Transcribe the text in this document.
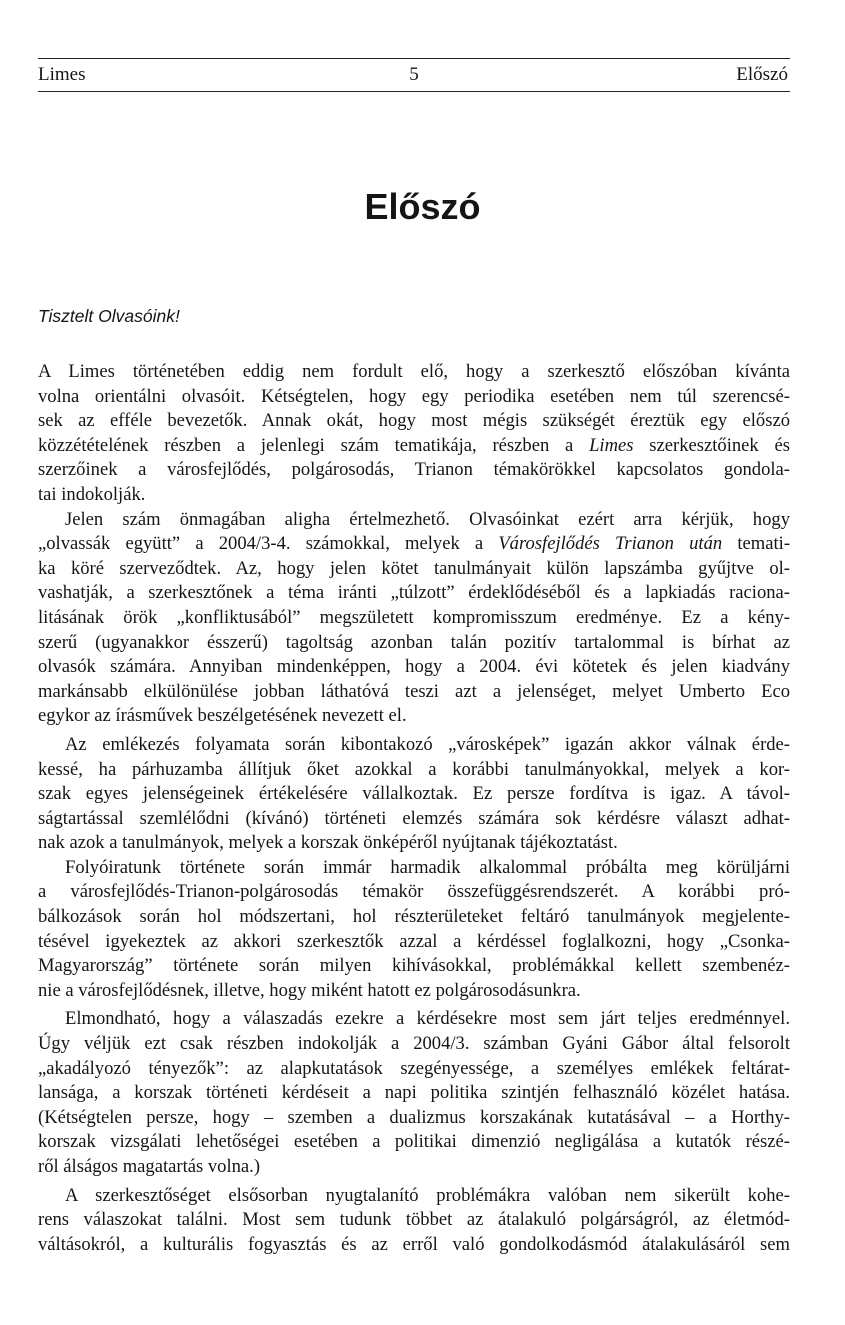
Limes	5	Előszó
Előszó

Tisztelt Olvasóink!

A Limes történetében eddig nem fordult elő, hogy a szerkesztő előszóban kívánta
volna orientálni olvasóit. Kétségtelen, hogy egy periodika esetében nem túl szerencsé-
sek az efféle bevezetők. Annak okát, hogy most mégis szükségét éreztük egy előszó
közzétételének részben a jelenlegi szám tematikája, részben a Limes szerkesztőinek és
szerzőinek a városfejlődés, polgárosodás, Trianon témakörökkel kapcsolatos gondola-
tai indokolják.
Jelen szám önmagában aligha értelmezhető. Olvasóinkat ezért arra kérjük, hogy
„olvassák együtt” a 2004/3-4. számokkal, melyek a Városfejlődés Trianon után temati-
ka köré szerveződtek. Az, hogy jelen kötet tanulmányait külön lapszámba gyűjtve ol-
vashatják, a szerkesztőnek a téma iránti „túlzott” érdeklődéséből és a lapkiadás raciona-
litásának örök „konfliktusából” megszületett kompromisszum eredménye. Ez a kény-
szerű (ugyanakkor ésszerű) tagoltság azonban talán pozitív tartalommal is bírhat az
olvasók számára. Annyiban mindenképpen, hogy a 2004. évi kötetek és jelen kiadvány
markánsabb elkülönülése jobban láthatóvá teszi azt a jelenséget, melyet Umberto Eco
egykor az írásművek beszélgetésének nevezett el.
Az emlékezés folyamata során kibontakozó „városképek” igazán akkor válnak érde-
kessé, ha párhuzamba állítjuk őket azokkal a korábbi tanulmányokkal, melyek a kor-
szak egyes jelenségeinek értékelésére vállalkoztak. Ez persze fordítva is igaz. A távol-
ságtartással szemlélődni (kívánó) történeti elemzés számára sok kérdésre választ adhat-
nak azok a tanulmányok, melyek a korszak önképéről nyújtanak tájékoztatást.
Folyóiratunk története során immár harmadik alkalommal próbálta meg körüljárni
a városfejlődés-Trianon-polgárosodás témakör összefüggésrendszerét. A korábbi pró-
bálkozások során hol módszertani, hol részterületeket feltáró tanulmányok megjelente-
tésével igyekeztek az akkori szerkesztők azzal a kérdéssel foglalkozni, hogy „Csonka-
Magyarország” története során milyen kihívásokkal, problémákkal kellett szembenéz-
nie a városfejlődésnek, illetve, hogy miként hatott ez polgárosodásunkra.
Elmondható, hogy a válaszadás ezekre a kérdésekre most sem járt teljes eredménnyel.
Úgy véljük ezt csak részben indokolják a 2004/3. számban Gyáni Gábor által felsorolt
„akadályozó tényezők”: az alapkutatások szegényessége, a személyes emlékek feltárat-
lansága, a korszak történeti kérdéseit a napi politika szintjén felhasználó közélet hatása.
(Kétségtelen persze, hogy – szemben a dualizmus korszakának kutatásával – a Horthy-
korszak vizsgálati lehetőségei esetében a politikai dimenzió negligálása a kutatók részé-
ről álságos magatartás volna.)
A szerkesztőséget elsősorban nyugtalanító problémákra valóban nem sikerült kohe-
rens válaszokat találni. Most sem tudunk többet az átalakuló polgárságról, az életmód-
váltásokról, a kulturális fogyasztás és az erről való gondolkodásmód átalakulásáról sem
